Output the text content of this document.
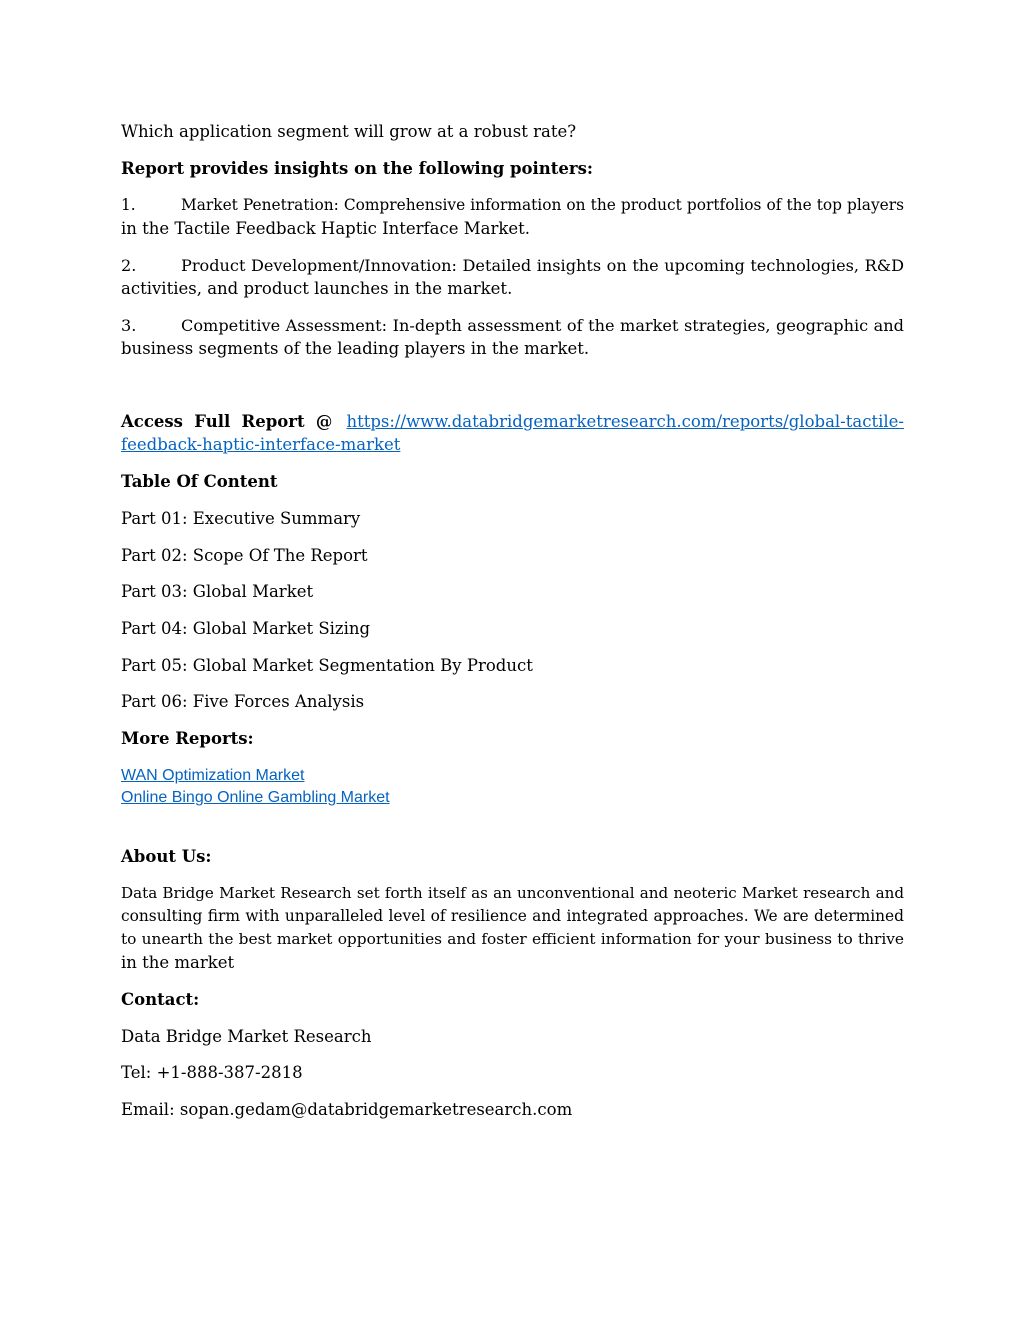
Which application segment will grow at a robust rate?
Report provides insights on the following pointers:
1.	Market Penetration: Comprehensive information on the product portfolios of the top players
in the Tactile Feedback Haptic Interface Market.
2.	Product Development/Innovation: Detailed insights on the upcoming technologies, R&D
activities, and product launches in the market.
3.	Competitive Assessment: In-depth assessment of the market strategies, geographic and
business segments of the leading players in the market.
Access Full Report @ https://www.databridgemarketresearch.com/reports/global-tactile-
feedback-haptic-interface-market
Table Of Content
Part 01: Executive Summary
Part 02: Scope Of The Report
Part 03: Global Market
Part 04: Global Market Sizing
Part 05: Global Market Segmentation By Product
Part 06: Five Forces Analysis
More Reports:
WAN Optimization Market
Online Bingo Online Gambling Market
About Us:
Data Bridge Market Research set forth itself as an unconventional and neoteric Market research and
consulting firm with unparalleled level of resilience and integrated approaches. We are determined
to unearth the best market opportunities and foster efficient information for your business to thrive
in the market
Contact:
Data Bridge Market Research
Tel: +1-888-387-2818
Email: sopan.gedam@databridgemarketresearch.com
